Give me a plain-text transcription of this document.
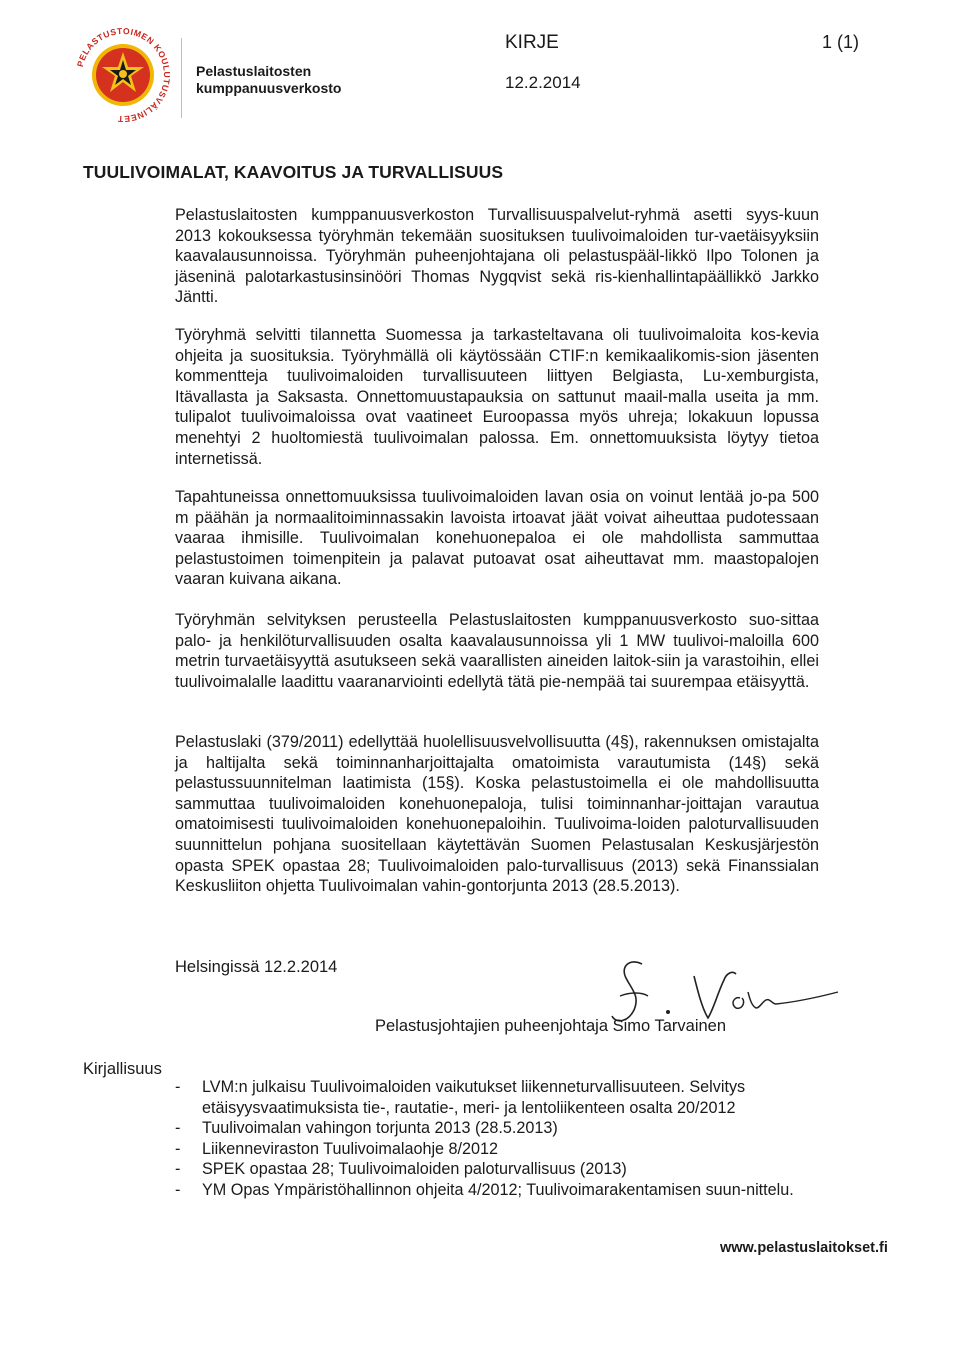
PELASTUSTOIMEN KOULUTUSVÄLINEET
Pelastuslaitosten
kumppanuusverkosto
KIRJE
12.2.2014
1 (1)
TUULIVOIMALAT, KAAVOITUS JA TURVALLISUUS

Pelastuslaitosten kumppanuusverkoston Turvallisuuspalvelut-ryhmä asetti syys-kuun 2013 kokouksessa työryhmän tekemään suosituksen tuulivoimaloiden tur-vaetäisyyksiin kaavalausunnoissa. Työryhmän puheenjohtajana oli pelastuspääl-likkö Ilpo Tolonen ja jäseninä palotarkastusinsinööri Thomas Nygqvist sekä ris-kienhallintapäällikkö Jarkko Jäntti.

Työryhmä selvitti tilannetta Suomessa ja tarkasteltavana oli tuulivoimaloita kos-kevia ohjeita ja suosituksia. Työryhmällä oli käytössään CTIF:n kemikaalikomis-sion jäsenten kommentteja tuulivoimaloiden turvallisuuteen liittyen Belgiasta, Lu-xemburgista, Itävallasta ja Saksasta. Onnettomuustapauksia on sattunut maail-malla useita ja mm. tulipalot tuulivoimaloissa ovat vaatineet Euroopassa myös uhreja; lokakuun lopussa menehtyi 2 huoltomiestä tuulivoimalan palossa. Em. onnettomuuksista löytyy tietoa internetissä.

Tapahtuneissa onnettomuuksissa tuulivoimaloiden lavan osia on voinut lentää jo-pa 500 m päähän ja normaalitoiminnassakin lavoista irtoavat jäät voivat aiheuttaa pudotessaan vaaraa ihmisille. Tuulivoimalan konehuonepaloa ei ole mahdollista sammuttaa pelastustoimen toimenpitein ja palavat putoavat osat aiheuttavat mm. maastopalojen vaaran kuivana aikana.

Työryhmän selvityksen perusteella Pelastuslaitosten kumppanuusverkosto suo-sittaa palo- ja henkilöturvallisuuden osalta kaavalausunnoissa yli 1 MW tuulivoi-maloilla 600 metrin turvaetäisyyttä asutukseen sekä vaarallisten aineiden laitok-siin ja varastoihin, ellei tuulivoimalalle laadittu vaaranarviointi edellytä tätä pie-nempää tai suurempaa etäisyyttä.

Pelastuslaki (379/2011) edellyttää huolellisuusvelvollisuutta (4§), rakennuksen omistajalta ja haltijalta sekä toiminnanharjoittajalta omatoimista varautumista (14§) sekä pelastussuunnitelman laatimista (15§). Koska pelastustoimella ei ole mahdollisuutta sammuttaa tuulivoimaloiden konehuonepaloja, tulisi toiminnanhar-joittajan varautua omatoimisesti tuulivoimaloiden konehuonepaloihin. Tuulivoima-loiden paloturvallisuuden suunnittelun pohjana suositellaan käytettävän Suomen Pelastusalan Keskusjärjestön opasta SPEK opastaa 28; Tuulivoimaloiden palo-turvallisuus (2013) sekä Finanssialan Keskusliiton ohjetta Tuulivoimalan vahin-gontorjunta 2013 (28.5.2013).

Helsingissä 12.2.2014
Pelastusjohtajien puheenjohtaja Simo Tarvainen
Kirjallisuus
- LVM:n julkaisu Tuulivoimaloiden vaikutukset liikenneturvallisuuteen. Selvitys etäisyysvaatimuksista tie-, rautatie-, meri- ja lentoliikenteen osalta 20/2012
- Tuulivoimalan vahingon torjunta 2013 (28.5.2013)
- Liikenneviraston Tuulivoimalaohje 8/2012
- SPEK opastaa 28; Tuulivoimaloiden paloturvallisuus (2013)
- YM Opas Ympäristöhallinnon ohjeita 4/2012; Tuulivoimarakentamisen suun-nittelu.
www.pelastuslaitokset.fi
